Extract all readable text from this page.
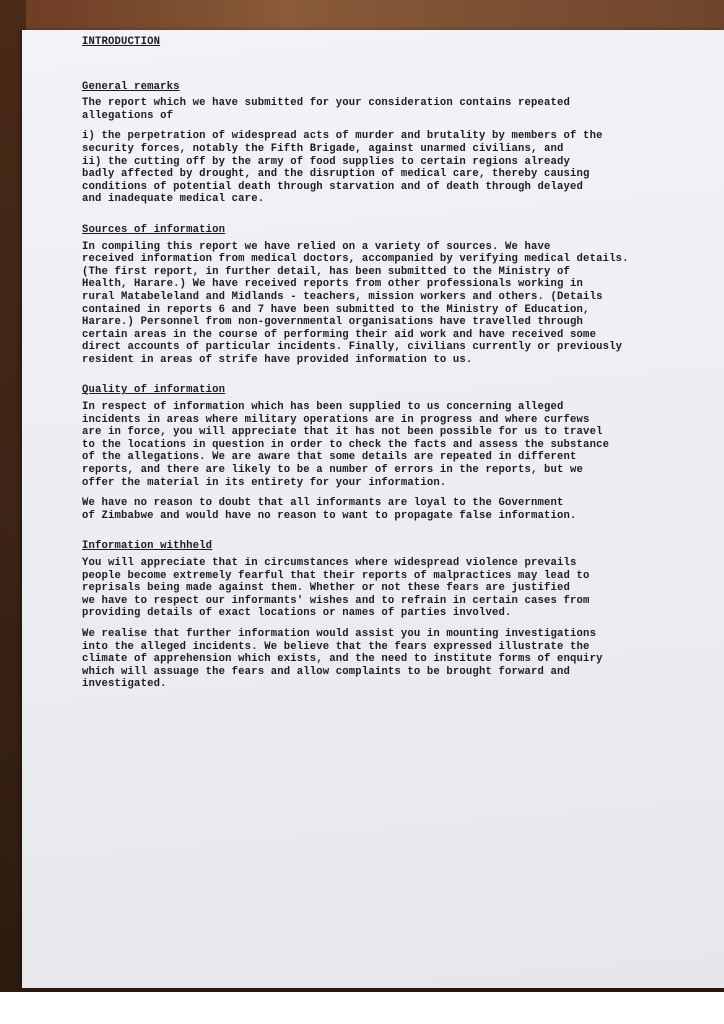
INTRODUCTION
General remarks
The report which we have submitted for your consideration contains repeated
allegations of
i) the perpetration of widespread acts of murder and brutality by members of the
security forces, notably the Fifth Brigade, against unarmed civilians, and
ii) the cutting off by the army of food supplies to certain regions already
badly affected by drought, and the disruption of medical care, thereby causing
conditions of potential death through starvation and of death through delayed
and inadequate medical care.
Sources of information
In compiling this report we have relied on a variety of sources. We have
received information from medical doctors, accompanied by verifying medical details.
(The first report, in further detail, has been submitted to the Ministry of
Health, Harare.) We have received reports from other professionals working in
rural Matabeleland and Midlands - teachers, mission workers and others. (Details
contained in reports 6 and 7 have been submitted to the Ministry of Education,
Harare.) Personnel from non-governmental organisations have travelled through
certain areas in the course of performing their aid work and have received some
direct accounts of particular incidents. Finally, civilians currently or previously
resident in areas of strife have provided information to us.
Quality of information
In respect of information which has been supplied to us concerning alleged
incidents in areas where military operations are in progress and where curfews
are in force, you will appreciate that it has not been possible for us to travel
to the locations in question in order to check the facts and assess the substance
of the allegations. We are aware that some details are repeated in different
reports, and there are likely to be a number of errors in the reports, but we
offer the material in its entirety for your information.
We have no reason to doubt that all informants are loyal to the Government
of Zimbabwe and would have no reason to want to propagate false information.
Information withheld
You will appreciate that in circumstances where widespread violence prevails
people become extremely fearful that their reports of malpractices may lead to
reprisals being made against them. Whether or not these fears are justified
we have to respect our informants' wishes and to refrain in certain cases from
providing details of exact locations or names of parties involved.
We realise that further information would assist you in mounting investigations
into the alleged incidents. We believe that the fears expressed illustrate the
climate of apprehension which exists, and the need to institute forms of enquiry
which will assuage the fears and allow complaints to be brought forward and
investigated.
